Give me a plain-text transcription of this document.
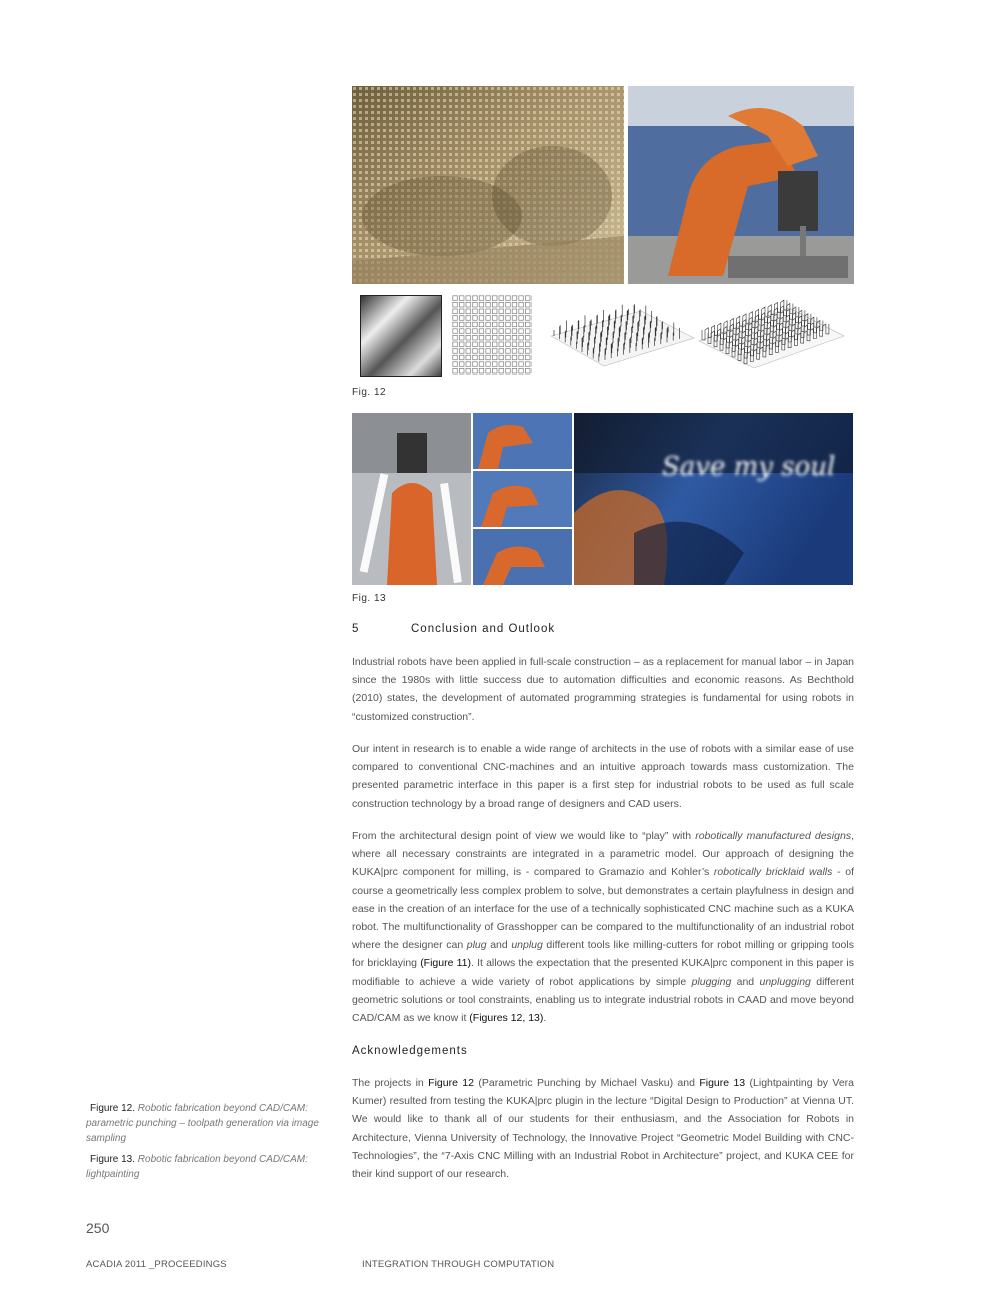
Fig. 12
Save my soul
Fig. 13
5	Conclusion and Outlook

Industrial robots have been applied in full-scale construction – as a replacement for manual labor – in Japan since the 1980s with little success due to automation difficulties and economic reasons. As Bechthold (2010) states, the development of automated programming strategies is fundamental for using robots in “customized construction”.

Our intent in research is to enable a wide range of architects in the use of robots with a similar ease of use compared to conventional CNC-machines and an intuitive approach towards mass customization. The presented parametric interface in this paper is a first step for industrial robots to be used as full scale construction technology by a broad range of designers and CAD users.

From the architectural design point of view we would like to “play” with robotically manufactured designs, where all necessary constraints are integrated in a parametric model. Our approach of designing the KUKA|prc component for milling, is - compared to Gramazio and Kohler’s robotically bricklaid walls - of course a geometrically less complex problem to solve, but demonstrates a certain playfulness in design and ease in the creation of an interface for the use of a technically sophisticated CNC machine such as a KUKA robot. The multifunctionality of Grasshopper can be compared to the multifunctionality of an industrial robot where the designer can plug and unplug different tools like milling-cutters for robot milling or gripping tools for bricklaying (Figure 11). It allows the expectation that the presented KUKA|prc component in this paper is modifiable to achieve a wide variety of robot applications by simple plugging and unplugging different geometric solutions or tool constraints, enabling us to integrate industrial robots in CAAD and move beyond CAD/CAM as we know it (Figures 12, 13).

Acknowledgements

The projects in Figure 12 (Parametric Punching by Michael Vasku) and Figure 13 (Lightpainting by Vera Kumer) resulted from testing the KUKA|prc plugin in the lecture “Digital Design to Production” at Vienna UT. We would like to thank all of our students for their enthusiasm, and the Association for Robots in Architecture, Vienna University of Technology, the Innovative Project “Geometric Model Building with CNC-Technologies”, the “7-Axis CNC Milling with an Industrial Robot in Architecture” project, and KUKA CEE for their kind support of our research.

Figure 12. Robotic fabrication beyond CAD/CAM: parametric punching – toolpath generation via image sampling

Figure 13. Robotic fabrication beyond CAD/CAM: lightpainting

250
ACADIA 2011 _PROCEEDINGS	INTEGRATION THROUGH COMPUTATION
